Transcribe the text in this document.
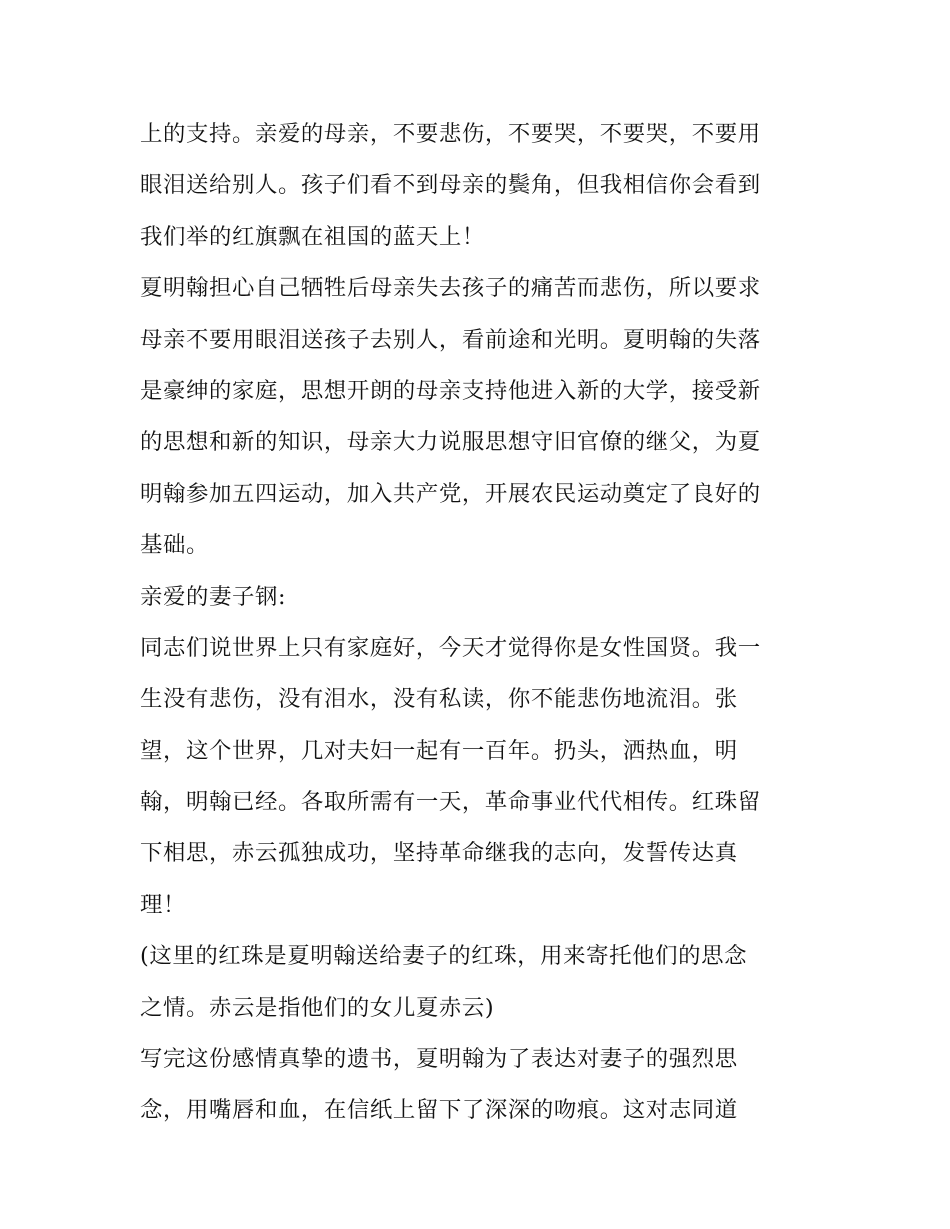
上的支持。亲爱的母亲，不要悲伤，不要哭，不要哭，不要用
眼泪送给别人。孩子们看不到母亲的鬓角，但我相信你会看到
我们举的红旗飘在祖国的蓝天上！

夏明翰担心自己牺牲后母亲失去孩子的痛苦而悲伤，所以要求
母亲不要用眼泪送孩子去别人，看前途和光明。夏明翰的失落
是豪绅的家庭，思想开朗的母亲支持他进入新的大学，接受新
的思想和新的知识，母亲大力说服思想守旧官僚的继父，为夏
明翰参加五四运动，加入共产党，开展农民运动奠定了良好的
基础。

亲爱的妻子钢:

同志们说世界上只有家庭好，今天才觉得你是女性国贤。我一
生没有悲伤，没有泪水，没有私读，你不能悲伤地流泪。张
望，这个世界，几对夫妇一起有一百年。扔头，洒热血，明
翰，明翰已经。各取所需有一天，革命事业代代相传。红珠留
下相思，赤云孤独成功，坚持革命继我的志向，发誓传达真
理！

(这里的红珠是夏明翰送给妻子的红珠，用来寄托他们的思念
之情。赤云是指他们的女儿夏赤云)

写完这份感情真挚的遗书，夏明翰为了表达对妻子的强烈思
念，用嘴唇和血，在信纸上留下了深深的吻痕。这对志同道
